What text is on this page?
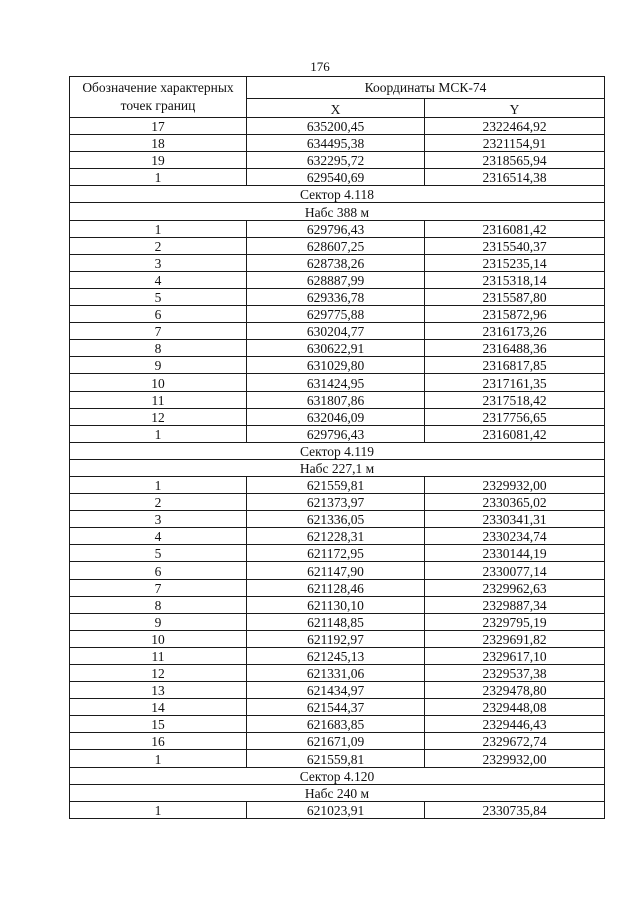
176
Обозначение характерных точек границ	Координаты МСК-74	
	X	Y
17	635200,45	2322464,92
18	634495,38	2321154,91
19	632295,72	2318565,94
1	629540,69	2316514,38
Сектор 4.118		
Набс 388 м		
1	629796,43	2316081,42
2	628607,25	2315540,37
3	628738,26	2315235,14
4	628887,99	2315318,14
5	629336,78	2315587,80
6	629775,88	2315872,96
7	630204,77	2316173,26
8	630622,91	2316488,36
9	631029,80	2316817,85
10	631424,95	2317161,35
11	631807,86	2317518,42
12	632046,09	2317756,65
1	629796,43	2316081,42
Сектор 4.119		
Набс 227,1 м		
1	621559,81	2329932,00
2	621373,97	2330365,02
3	621336,05	2330341,31
4	621228,31	2330234,74
5	621172,95	2330144,19
6	621147,90	2330077,14
7	621128,46	2329962,63
8	621130,10	2329887,34
9	621148,85	2329795,19
10	621192,97	2329691,82
11	621245,13	2329617,10
12	621331,06	2329537,38
13	621434,97	2329478,80
14	621544,37	2329448,08
15	621683,85	2329446,43
16	621671,09	2329672,74
1	621559,81	2329932,00
Сектор 4.120		
Набс 240 м		
1	621023,91	2330735,84
